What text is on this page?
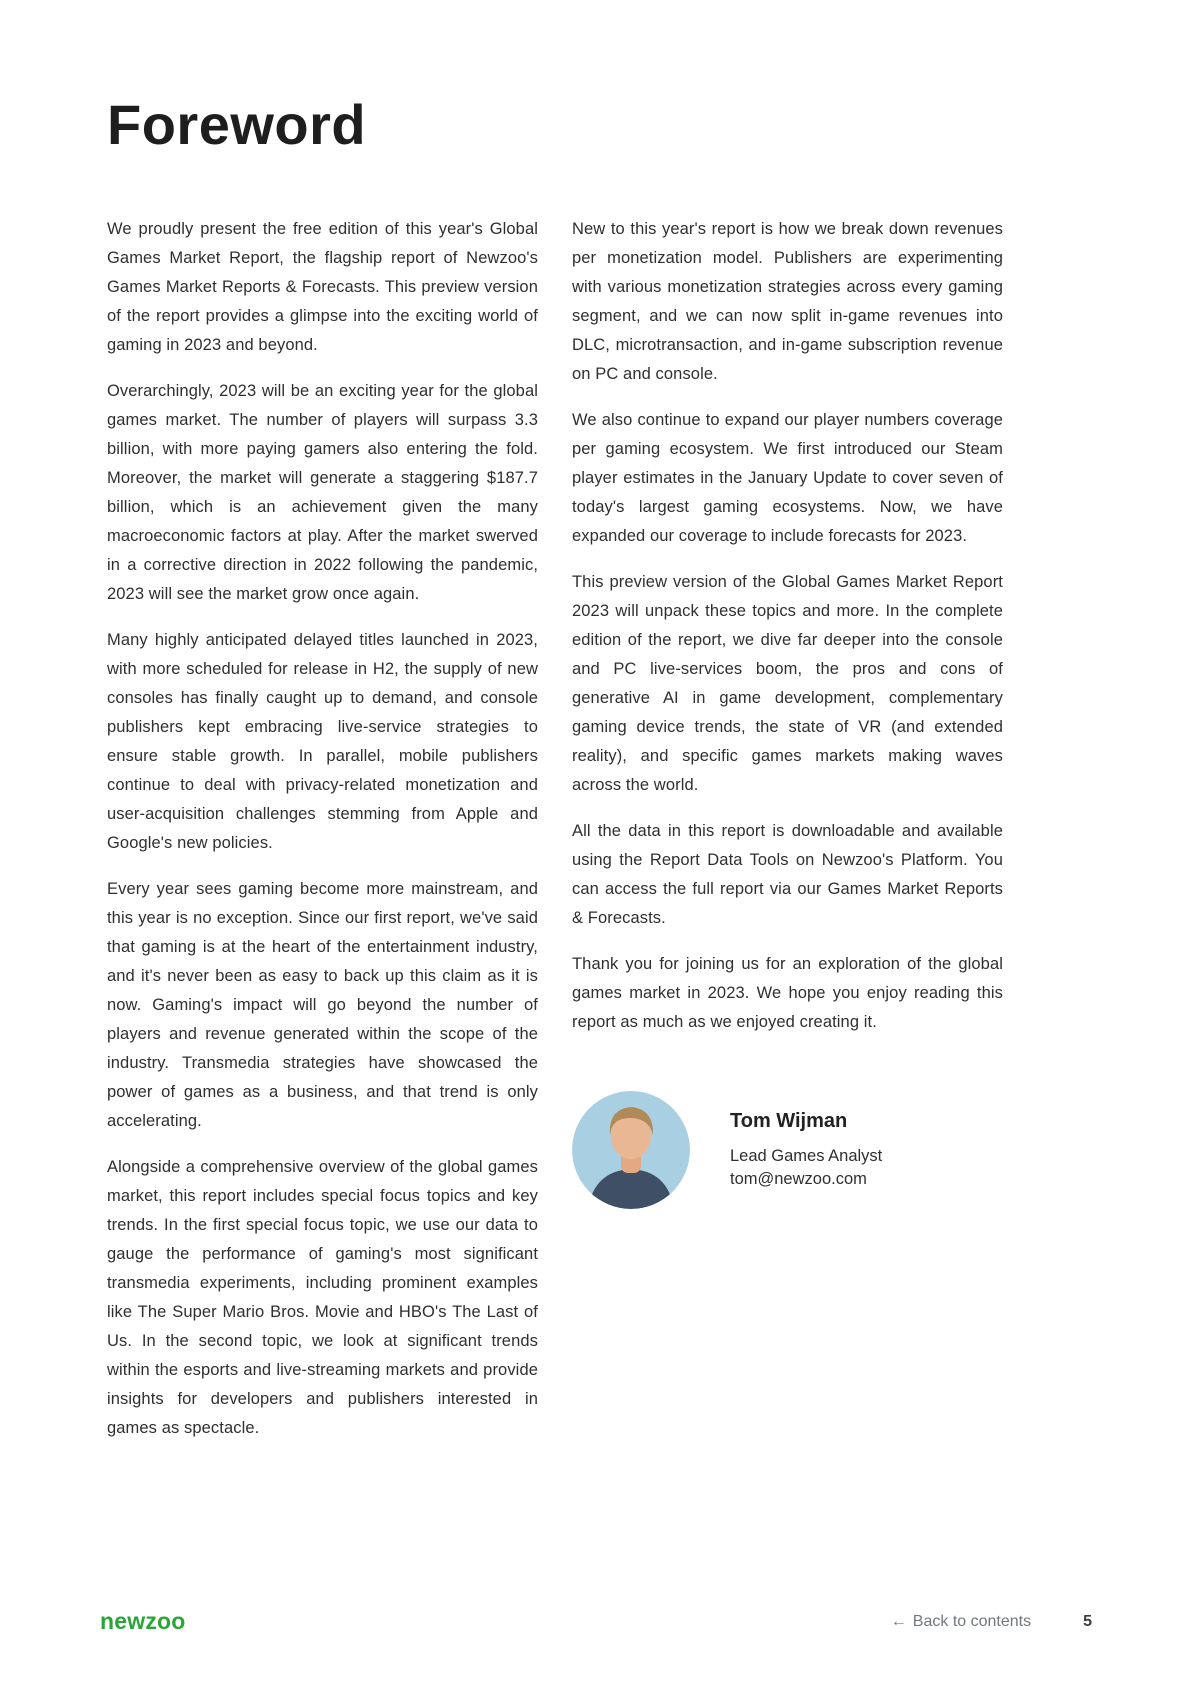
Foreword

We proudly present the free edition of this year's Global Games Market Report, the flagship report of Newzoo's Games Market Reports & Forecasts. This preview version of the report provides a glimpse into the exciting world of gaming in 2023 and beyond.

Overarchingly, 2023 will be an exciting year for the global games market. The number of players will surpass 3.3 billion, with more paying gamers also entering the fold. Moreover, the market will generate a staggering $187.7 billion, which is an achievement given the many macroeconomic factors at play. After the market swerved in a corrective direction in 2022 following the pandemic, 2023 will see the market grow once again.

Many highly anticipated delayed titles launched in 2023, with more scheduled for release in H2, the supply of new consoles has finally caught up to demand, and console publishers kept embracing live-service strategies to ensure stable growth. In parallel, mobile publishers continue to deal with privacy-related monetization and user-acquisition challenges stemming from Apple and Google's new policies.

Every year sees gaming become more mainstream, and this year is no exception. Since our first report, we've said that gaming is at the heart of the entertainment industry, and it's never been as easy to back up this claim as it is now. Gaming's impact will go beyond the number of players and revenue generated within the scope of the industry. Transmedia strategies have showcased the power of games as a business, and that trend is only accelerating.

Alongside a comprehensive overview of the global games market, this report includes special focus topics and key trends. In the first special focus topic, we use our data to gauge the performance of gaming's most significant transmedia experiments, including prominent examples like The Super Mario Bros. Movie and HBO's The Last of Us. In the second topic, we look at significant trends within the esports and live-streaming markets and provide insights for developers and publishers interested in games as spectacle.

New to this year's report is how we break down revenues per monetization model. Publishers are experimenting with various monetization strategies across every gaming segment, and we can now split in-game revenues into DLC, microtransaction, and in-game subscription revenue on PC and console.

We also continue to expand our player numbers coverage per gaming ecosystem. We first introduced our Steam player estimates in the January Update to cover seven of today's largest gaming ecosystems. Now, we have expanded our coverage to include forecasts for 2023.

This preview version of the Global Games Market Report 2023 will unpack these topics and more. In the complete edition of the report, we dive far deeper into the console and PC live-services boom, the pros and cons of generative AI in game development, complementary gaming device trends, the state of VR (and extended reality), and specific games markets making waves across the world.

All the data in this report is downloadable and available using the Report Data Tools on Newzoo's Platform. You can access the full report via our Games Market Reports & Forecasts.

Thank you for joining us for an exploration of the global games market in 2023. We hope you enjoy reading this report as much as we enjoyed creating it.

Tom Wijman
Lead Games Analyst
tom@newzoo.com
newzoo	← Back to contents	5
